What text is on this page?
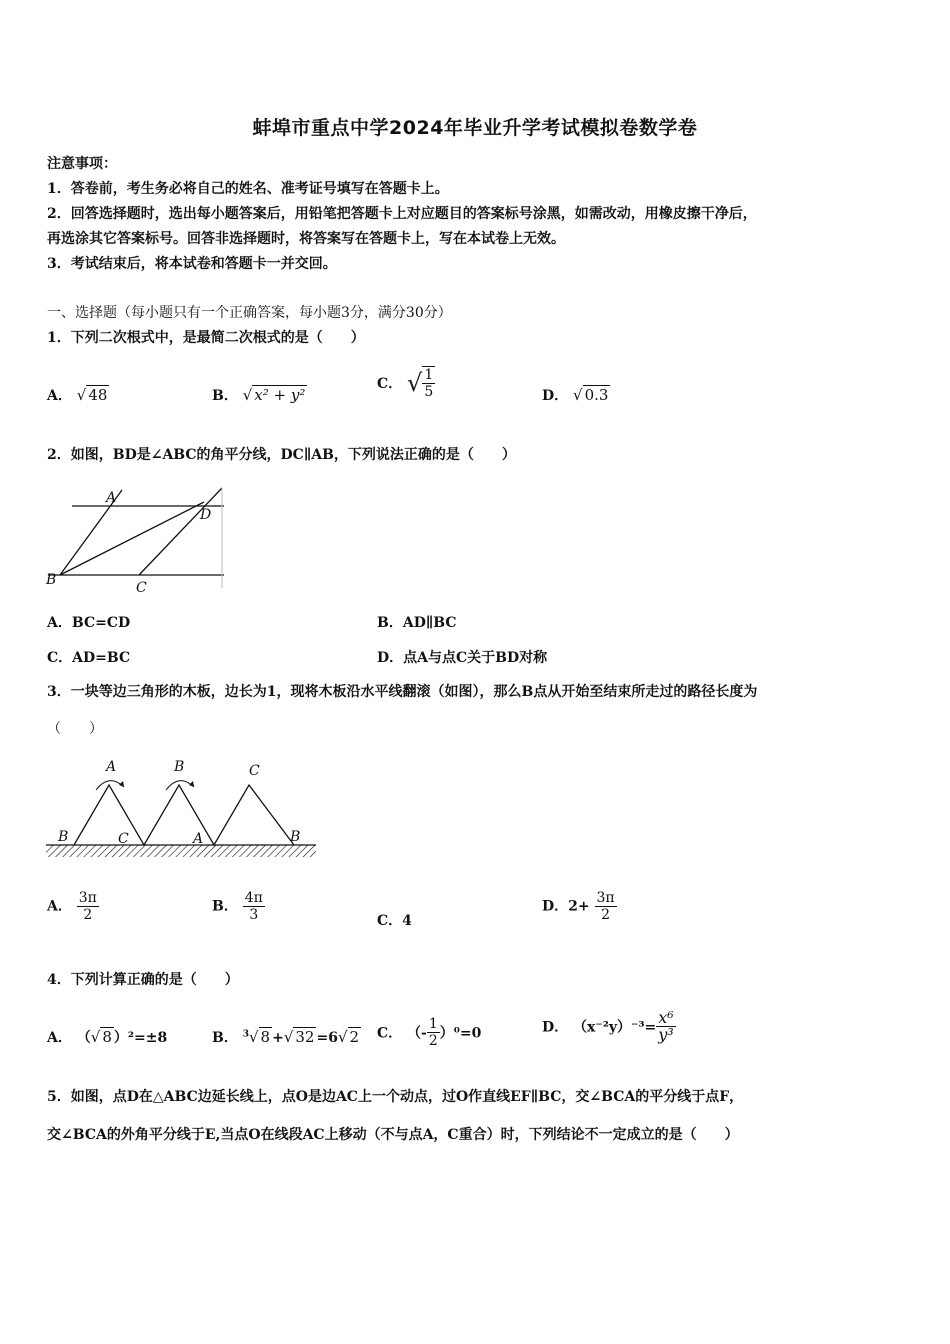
蚌埠市重点中学2024年毕业升学考试模拟卷数学卷
注意事项：
1．答卷前，考生务必将自己的姓名、准考证号填写在答题卡上。
2．回答选择题时，选出每小题答案后，用铅笔把答题卡上对应题目的答案标号涂黑，如需改动，用橡皮擦干净后，
再选涂其它答案标号。回答非选择题时，将答案写在答题卡上，写在本试卷上无效。
3．考试结束后，将本试卷和答题卡一并交回。
一、选择题（每小题只有一个正确答案，每小题3分，满分30分）
1．下列二次根式中，是最简二次根式的是（　　）
A． √ 48	B． √ x² + y²
C． √ $\frac{1}{5}$	D． √ 0.3
2．如图，BD是∠ABC的角平分线，DC∥AB，下列说法正确的是（　　）
A
D
B	C
A．BC=CD	B．AD∥BC
C．AD=BC	D．点A与点C关于BD对称
3．一块等边三角形的木板，边长为1，现将木板沿水平线翻滚（如图），那么B点从开始至结束所走过的路径长度为
（　　）
A	B	C
B	C	A	B
A． $\frac{3\pi}{2}$	B． $\frac{4\pi}{3}$	C．4
D．$2+ \frac{3\pi}{2}$
4．下列计算正确的是（　　）
A． （√ 8 ）²=±8	B． $^3$√ 8 +√ 32 =6√ 2 C． （- $\frac{1}{2} )^0=0$	D． $(x^{-2}y)^{-3}= \frac{\text{x⁶}}{\text{y³}}$
5．如图，点D在△ABC边延长线上，点O是边AC上一个动点，过O作直线EF∥BC，交∠BCA的平分线于点F，
交∠BCA的外角平分线于E,当点O在线段AC上移动（不与点A，C重合）时，下列结论不一定成立的是（　　）
